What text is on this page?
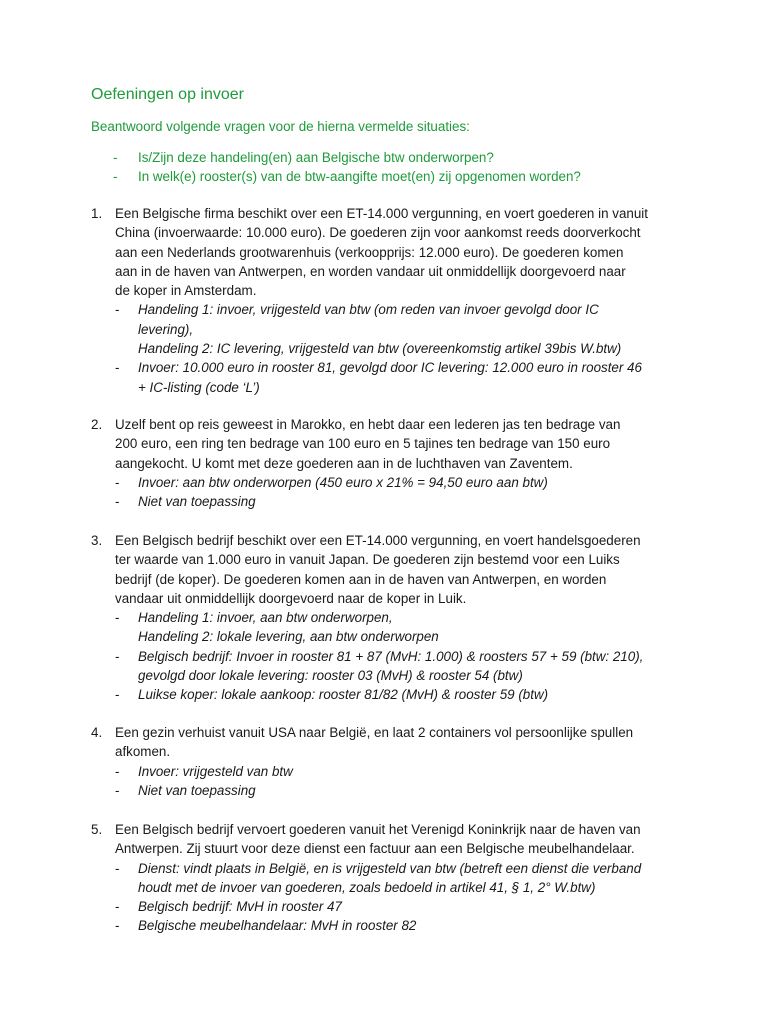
Oefeningen op invoer

Beantwoord volgende vragen voor de hierna vermelde situaties:

- Is/Zijn deze handeling(en) aan Belgische btw onderworpen?
- In welk(e) rooster(s) van de btw-aangifte moet(en) zij opgenomen worden?
1. Een Belgische firma beschikt over een ET-14.000 vergunning, en voert goederen in vanuit
China (invoerwaarde: 10.000 euro). De goederen zijn voor aankomst reeds doorverkocht
aan een Nederlands grootwarenhuis (verkoopprijs: 12.000 euro). De goederen komen
aan in de haven van Antwerpen, en worden vandaar uit onmiddellijk doorgevoerd naar
de koper in Amsterdam.
- Handeling 1: invoer, vrijgesteld van btw (om reden van invoer gevolgd door IC
levering),
Handeling 2: IC levering, vrijgesteld van btw (overeenkomstig artikel 39bis W.btw)
- Invoer: 10.000 euro in rooster 81, gevolgd door IC levering: 12.000 euro in rooster 46
+ IC-listing (code ‘L’)
2. Uzelf bent op reis geweest in Marokko, en hebt daar een lederen jas ten bedrage van
200 euro, een ring ten bedrage van 100 euro en 5 tajines ten bedrage van 150 euro
aangekocht. U komt met deze goederen aan in de luchthaven van Zaventem.
- Invoer: aan btw onderworpen (450 euro x 21% = 94,50 euro aan btw)
- Niet van toepassing
3. Een Belgisch bedrijf beschikt over een ET-14.000 vergunning, en voert handelsgoederen
ter waarde van 1.000 euro in vanuit Japan. De goederen zijn bestemd voor een Luiks
bedrijf (de koper). De goederen komen aan in de haven van Antwerpen, en worden
vandaar uit onmiddellijk doorgevoerd naar de koper in Luik.
- Handeling 1: invoer, aan btw onderworpen,
Handeling 2: lokale levering, aan btw onderworpen
- Belgisch bedrijf: Invoer in rooster 81 + 87 (MvH: 1.000) & roosters 57 + 59 (btw: 210),
gevolgd door lokale levering: rooster 03 (MvH) & rooster 54 (btw)
- Luikse koper: lokale aankoop: rooster 81/82 (MvH) & rooster 59 (btw)
4. Een gezin verhuist vanuit USA naar België, en laat 2 containers vol persoonlijke spullen
afkomen.
- Invoer: vrijgesteld van btw
- Niet van toepassing
5. Een Belgisch bedrijf vervoert goederen vanuit het Verenigd Koninkrijk naar de haven van
Antwerpen. Zij stuurt voor deze dienst een factuur aan een Belgische meubelhandelaar.
- Dienst: vindt plaats in België, en is vrijgesteld van btw (betreft een dienst die verband
houdt met de invoer van goederen, zoals bedoeld in artikel 41, § 1, 2° W.btw)
- Belgisch bedrijf: MvH in rooster 47
- Belgische meubelhandelaar: MvH in rooster 82
